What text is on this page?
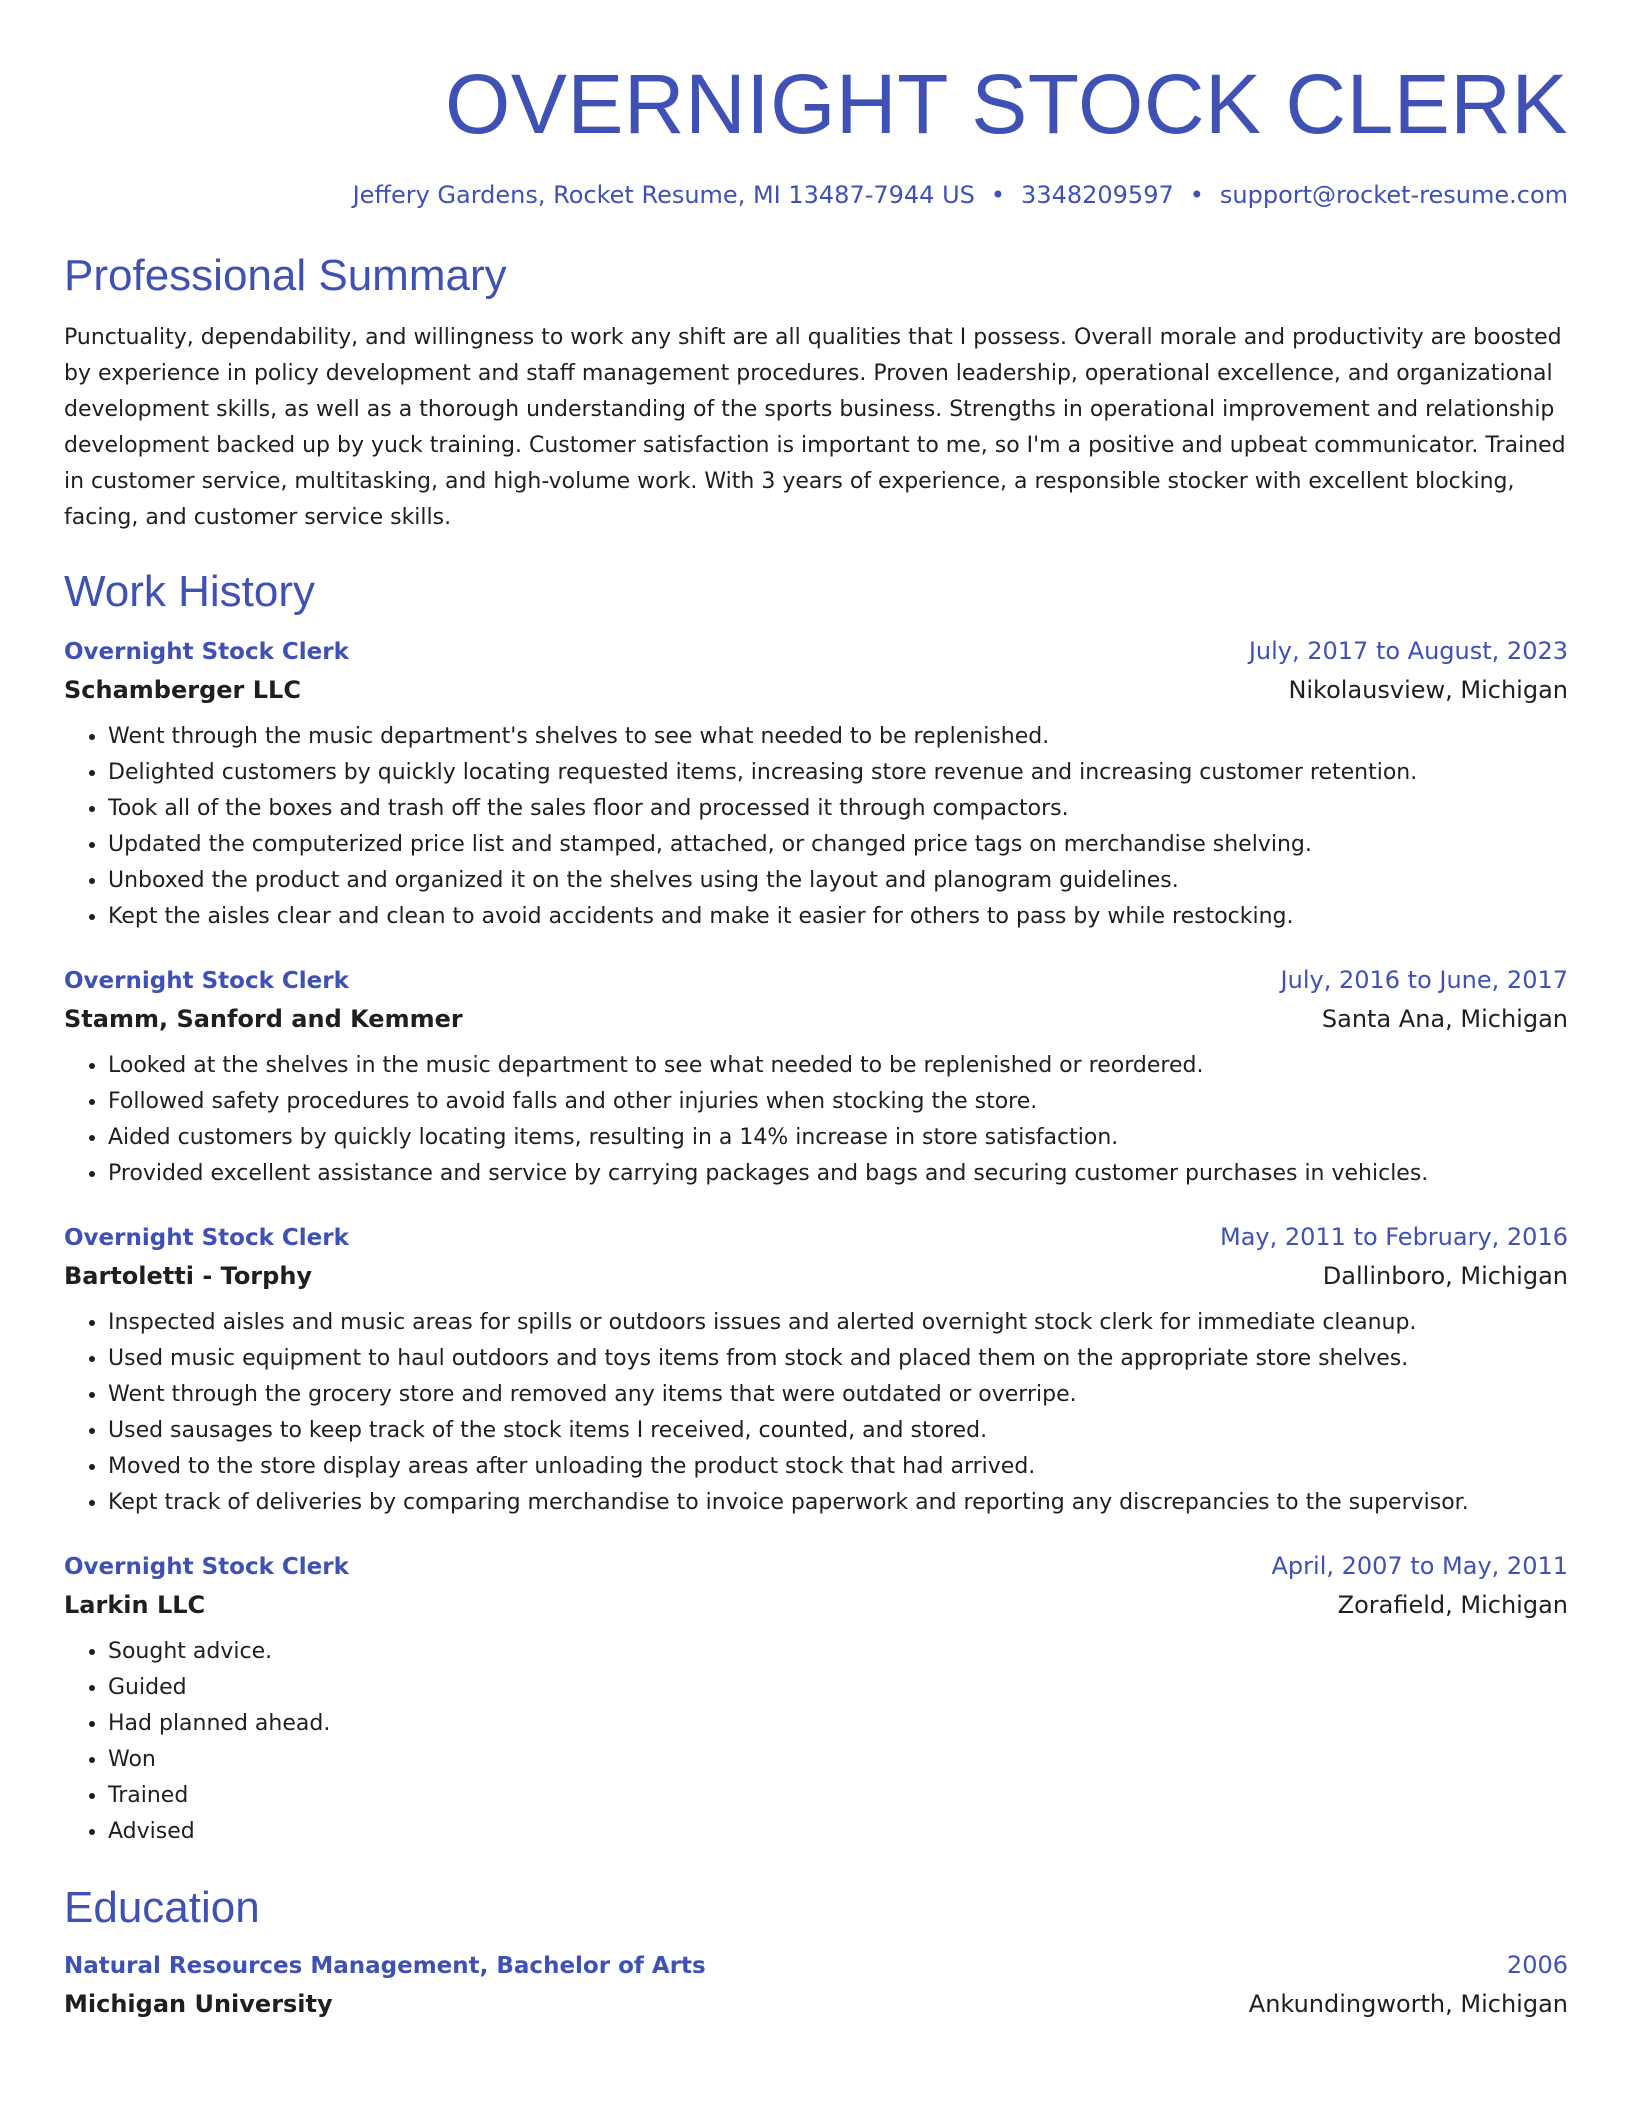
OVERNIGHT STOCK CLERK
Jeffery Gardens, Rocket Resume, MI 13487-7944 US • 3348209597 • support@rocket-resume.com
Professional Summary
Punctuality, dependability, and willingness to work any shift are all qualities that I possess. Overall morale and productivity are boosted by experience in policy development and staff management procedures. Proven leadership, operational excellence, and organizational development skills, as well as a thorough understanding of the sports business. Strengths in operational improvement and relationship development backed up by yuck training. Customer satisfaction is important to me, so I'm a positive and upbeat communicator. Trained in customer service, multitasking, and high-volume work. With 3 years of experience, a responsible stocker with excellent blocking, facing, and customer service skills.
Work History
Overnight Stock Clerk	July, 2017 to August, 2023
Schamberger LLC	Nikolausview, Michigan
• Went through the music department's shelves to see what needed to be replenished.
• Delighted customers by quickly locating requested items, increasing store revenue and increasing customer retention.
• Took all of the boxes and trash off the sales floor and processed it through compactors.
• Updated the computerized price list and stamped, attached, or changed price tags on merchandise shelving.
• Unboxed the product and organized it on the shelves using the layout and planogram guidelines.
• Kept the aisles clear and clean to avoid accidents and make it easier for others to pass by while restocking.
Overnight Stock Clerk	July, 2016 to June, 2017
Stamm, Sanford and Kemmer	Santa Ana, Michigan
• Looked at the shelves in the music department to see what needed to be replenished or reordered.
• Followed safety procedures to avoid falls and other injuries when stocking the store.
• Aided customers by quickly locating items, resulting in a 14% increase in store satisfaction.
• Provided excellent assistance and service by carrying packages and bags and securing customer purchases in vehicles.
Overnight Stock Clerk	May, 2011 to February, 2016
Bartoletti - Torphy	Dallinboro, Michigan
• Inspected aisles and music areas for spills or outdoors issues and alerted overnight stock clerk for immediate cleanup.
• Used music equipment to haul outdoors and toys items from stock and placed them on the appropriate store shelves.
• Went through the grocery store and removed any items that were outdated or overripe.
• Used sausages to keep track of the stock items I received, counted, and stored.
• Moved to the store display areas after unloading the product stock that had arrived.
• Kept track of deliveries by comparing merchandise to invoice paperwork and reporting any discrepancies to the supervisor.
Overnight Stock Clerk	April, 2007 to May, 2011
Larkin LLC	Zorafield, Michigan
• Sought advice.
• Guided
• Had planned ahead.
• Won
• Trained
• Advised
Education
Natural Resources Management, Bachelor of Arts	2006
Michigan University	Ankundingworth, Michigan
